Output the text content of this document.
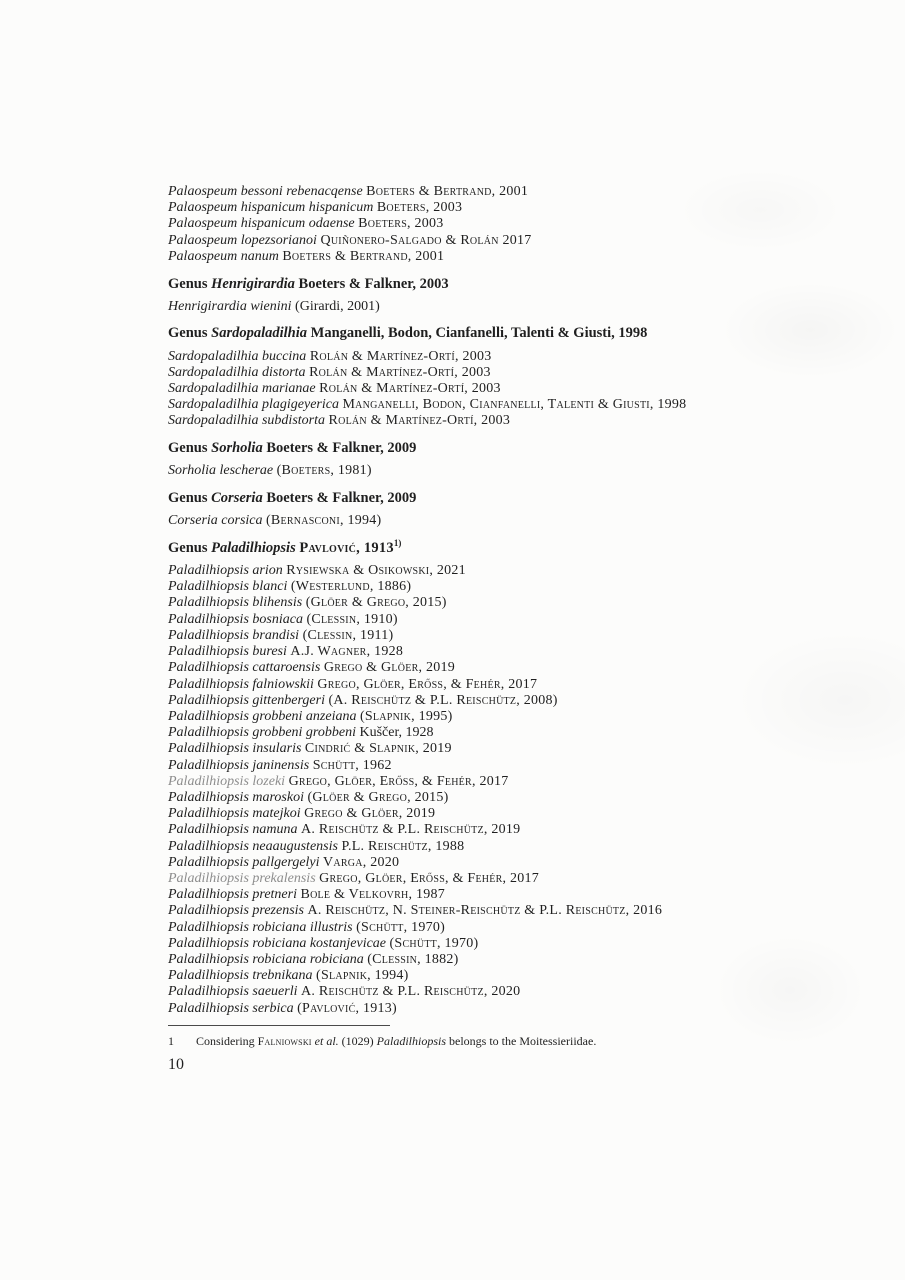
Palaospeum bessoni rebenacqense Boeters & Bertrand, 2001
Palaospeum hispanicum hispanicum Boeters, 2003
Palaospeum hispanicum odaense Boeters, 2003
Palaospeum lopezsorianoi Quiñonero-Salgado & Rolán 2017
Palaospeum nanum Boeters & Bertrand, 2001
Genus Henrigirardia Boeters & Falkner, 2003
Henrigirardia wienini (Girardi, 2001)
Genus Sardopaladilhia Manganelli, Bodon, Cianfanelli, Talenti & Giusti, 1998
Sardopaladilhia buccina Rolán & Martínez-Ortí, 2003
Sardopaladilhia distorta Rolán & Martínez-Ortí, 2003
Sardopaladilhia marianae Rolán & Martínez-Ortí, 2003
Sardopaladilhia plagigeyerica Manganelli, Bodon, Cianfanelli, Talenti & Giusti, 1998
Sardopaladilhia subdistorta Rolán & Martínez-Ortí, 2003
Genus Sorholia Boeters & Falkner, 2009
Sorholia lescherae (Boeters, 1981)
Genus Corseria Boeters & Falkner, 2009
Corseria corsica (Bernasconi, 1994)
Genus Paladilhiopsis Pavlović, 1913$^{1)}$
Paladilhiopsis arion Rysiewska & Osikowski, 2021
Paladilhiopsis blanci (Westerlund, 1886)
Paladilhiopsis blihensis (Glöer & Grego, 2015)
Paladilhiopsis bosniaca (Clessin, 1910)
Paladilhiopsis brandisi (Clessin, 1911)
Paladilhiopsis buresi A.J. Wagner, 1928
Paladilhiopsis cattaroensis Grego & Glöer, 2019
Paladilhiopsis falniowskii Grego, Glöer, Erőss, & Fehér, 2017
Paladilhiopsis gittenbergeri (A. Reischütz & P.L. Reischütz, 2008)
Paladilhiopsis grobbeni anzeiana (Slapnik, 1995)
Paladilhiopsis grobbeni grobbeni Kuščer, 1928
Paladilhiopsis insularis Cindrić & Slapnik, 2019
Paladilhiopsis janinensis Schütt, 1962
Paladilhiopsis lozeki Grego, Glöer, Erőss, & Fehér, 2017
Paladilhiopsis maroskoi (Glöer & Grego, 2015)
Paladilhiopsis matejkoi Grego & Glöer, 2019
Paladilhiopsis namuna A. Reischütz & P.L. Reischütz, 2019
Paladilhiopsis neaaugustensis P.L. Reischütz, 1988
Paladilhiopsis pallgergelyi Varga, 2020
Paladilhiopsis prekalensis Grego, Glöer, Erőss, & Fehér, 2017
Paladilhiopsis pretneri Bole & Velkovrh, 1987
Paladilhiopsis prezensis A. Reischütz, N. Steiner-Reischütz & P.L. Reischütz, 2016
Paladilhiopsis robiciana illustris (Schütt, 1970)
Paladilhiopsis robiciana kostanjevicae (Schütt, 1970)
Paladilhiopsis robiciana robiciana (Clessin, 1882)
Paladilhiopsis trebnikana (Slapnik, 1994)
Paladilhiopsis saeuerli A. Reischütz & P.L. Reischütz, 2020
Paladilhiopsis serbica (Pavlović, 1913)
1 Considering Falniowski et al. (1029) Paladilhiopsis belongs to the Moitessieriidae.
10
